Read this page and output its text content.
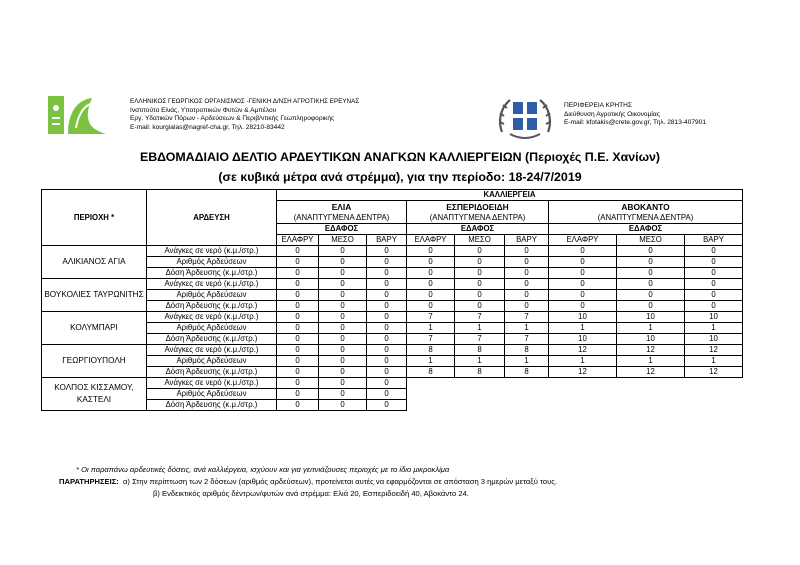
ΕΛΛΗΝΙΚΟΣ ΓΕΩΡΓΙΚΟΣ ΟΡΓΑΝΙΣΜΟΣ -ΓΕΝΙΚΗ Δ/ΝΣΗ ΑΓΡΟΤΙΚΗΣ ΕΡΕΥΝΑΣ
Ινστιτούτο Ελιάς, Υποτροπικών Φυτών & Αμπέλου
Εργ. Υδατικών Πόρων - Αρδεύσεων & Περιβ/ντικής Γεωπληροφορικής
E-mail: kourgialas@nagref-cha.gr, Τηλ. 28210-83442
ΠΕΡΙΦΕΡΕΙΑ ΚΡΗΤΗΣ
Διεύθυνση Αγροτικής Οικονομίας
E-mail: kfotakis@crete.gov.gr, Τηλ. 2813-407901
ΕΒΔΟΜΑΔΙΑΙΟ ΔΕΛΤΙΟ ΑΡΔΕΥΤΙΚΩΝ ΑΝΑΓΚΩΝ ΚΑΛΛΙΕΡΓΕΙΩΝ (Περιοχές Π.Ε. Χανίων)
(σε κυβικά μέτρα ανά στρέμμα), για την περίοδο: 18-24/7/2019
ΠΕΡΙΟΧΗ *	ΑΡΔΕΥΣΗ	ΚΑΛΛΙΕΡΓΕΙΑ								
		ΕΛΙΑ			ΕΣΠΕΡΙΔΟΕΙΔΗ			ΑΒΟΚΑΝΤΟ		
		(ΑΝΑΠΤΥΓΜΕΝΑ ΔΕΝΤΡΑ)			(ΑΝΑΠΤΥΓΜΕΝΑ ΔΕΝΤΡΑ)			(ΑΝΑΠΤΥΓΜΕΝΑ ΔΕΝΤΡΑ)		
		ΕΔΑΦΟΣ			ΕΔΑΦΟΣ			ΕΔΑΦΟΣ		
		ΕΛΑΦΡΥ	ΜΕΣΟ	ΒΑΡΥ	ΕΛΑΦΡΥ	ΜΕΣΟ	ΒΑΡΥ	ΕΛΑΦΡΥ	ΜΕΣΟ	ΒΑΡΥ
ΑΛΙΚΙΑΝΟΣ ΑΓΙΑ	Ανάγκες σε νερό (κ.μ./στρ.)	0	0	0	0	0	0	0	0	0
	Αριθμός Αρδεύσεων	0	0	0	0	0	0	0	0	0
	Δόση Άρδευσης (κ.μ./στρ.)	0	0	0	0	0	0	0	0	0
ΒΟΥΚΟΛΙΕΣ ΤΑΥΡΩΝΙΤΗΣ	Ανάγκες σε νερό (κ.μ./στρ.)	0	0	0	0	0	0	0	0	0
	Αριθμός Αρδεύσεων	0	0	0	0	0	0	0	0	0
	Δόση Άρδευσης (κ.μ./στρ.)	0	0	0	0	0	0	0	0	0
ΚΟΛΥΜΠΑΡΙ	Ανάγκες σε νερό (κ.μ./στρ.)	0	0	0	7	7	7	10	10	10
	Αριθμός Αρδεύσεων	0	0	0	1	1	1	1	1	1
	Δόση Άρδευσης (κ.μ./στρ.)	0	0	0	7	7	7	10	10	10
ΓΕΩΡΓΙΟΥΠΟΛΗ	Ανάγκες σε νερό (κ.μ./στρ.)	0	0	0	8	8	8	12	12	12
	Αριθμός Αρδεύσεων	0	0	0	1	1	1	1	1	1
	Δόση Άρδευσης (κ.μ./στρ.)	0	0	0	8	8	8	12	12	12
ΚΟΛΠΟΣ ΚΙΣΣΑΜΟΥ, ΚΑΣΤΕΛΙ	Ανάγκες σε νερό (κ.μ./στρ.)	0	0	0						
	Αριθμός Αρδεύσεων	0	0	0						
	Δόση Άρδευσης (κ.μ./στρ.)	0	0	0						
* Οι παραπάνω αρδευτικές δόσεις, ανά καλλιέργεια, ισχύουν και για γειτνιάζουσες περιοχές με το ίδιο μικροκλίμα
ΠΑΡΑΤΗΡΗΣΕΙΣ: α) Στην περίπτωση των 2 δόσεων (αριθμός αρδεύσεων), προτείνεται αυτές να εφαρμόζονται σε απόσταση 3 ημερών μεταξύ τους.
β) Ενδεικτικός αριθμός δέντρων/φυτών ανά στρέμμα: Ελιά 20, Εσπεριδοειδή 40, Αβοκάντο 24.
